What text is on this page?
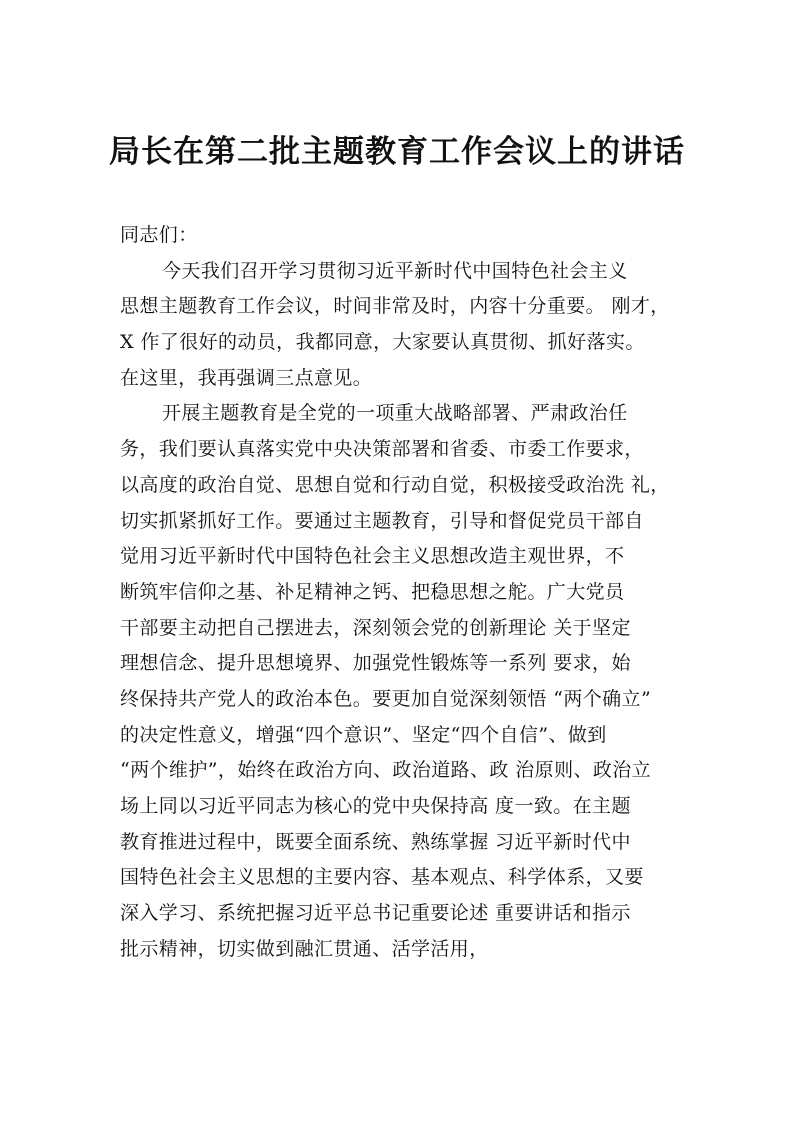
局长在第二批主题教育工作会议上的讲话
同志们：
今天我们召开学习贯彻习近平新时代中国特色社会主义
思想主题教育工作会议，时间非常及时，内容十分重要。 刚才，
X 作了很好的动员，我都同意，大家要认真贯彻、抓好落实。
在这里，我再强调三点意见。
开展主题教育是全党的一项重大战略部署、严肃政治任
务，我们要认真落实党中央决策部署和省委、市委工作要求，
以高度的政治自觉、思想自觉和行动自觉，积极接受政治洗 礼，
切实抓紧抓好工作。要通过主题教育，引导和督促党员干部自
觉用习近平新时代中国特色社会主义思想改造主观世界，不
断筑牢信仰之基、补足精神之钙、把稳思想之舵。广大党员
干部要主动把自己摆进去，深刻领会党的创新理论 关于坚定
理想信念、提升思想境界、加强党性锻炼等一系列 要求，始
终保持共产党人的政治本色。要更加自觉深刻领悟 “两个确立”
的决定性意义，增强“四个意识”、坚定“四个自信”、做到
“两个维护”，始终在政治方向、政治道路、政 治原则、政治立
场上同以习近平同志为核心的党中央保持高 度一致。在主题
教育推进过程中，既要全面系统、熟练掌握 习近平新时代中
国特色社会主义思想的主要内容、基本观点、科学体系，又要
深入学习、系统把握习近平总书记重要论述 重要讲话和指示
批示精神，切实做到融汇贯通、活学活用，
